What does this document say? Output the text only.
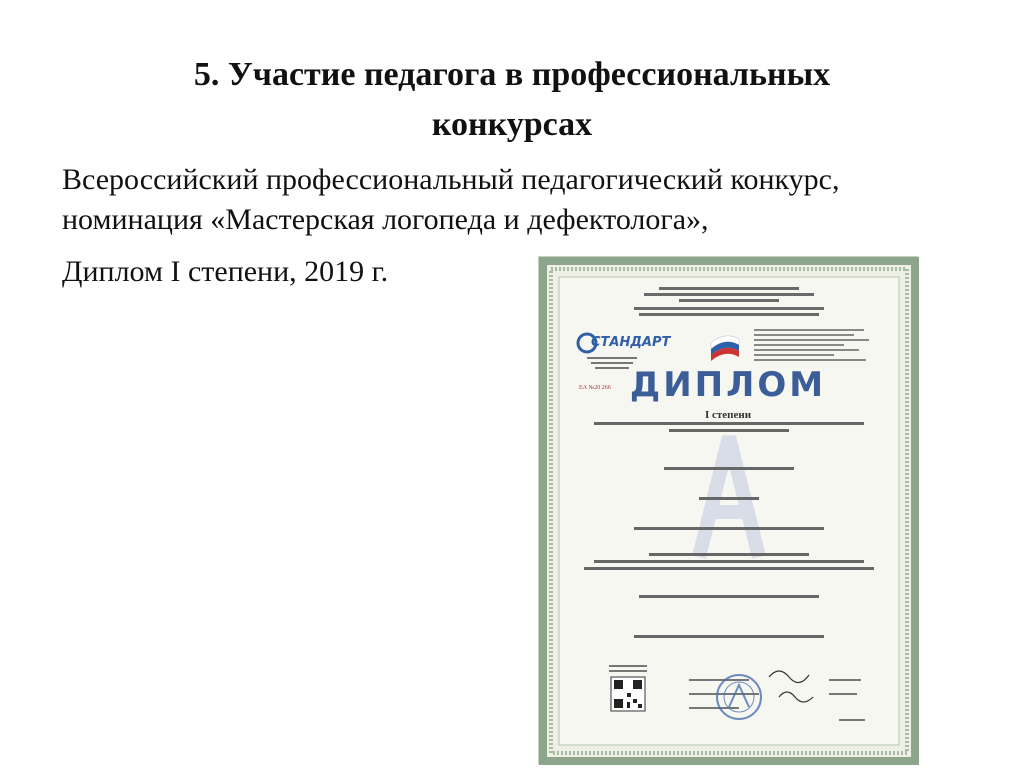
5. Участие педагога в профессиональных
конкурсах
Всероссийский профессиональный педагогический конкурс,
номинация «Мастерская логопеда и дефектолога»,
Диплом I степени, 2019 г.
СТАНДАРТ
ЕА №20 266 ДИПЛОМ
I степени
